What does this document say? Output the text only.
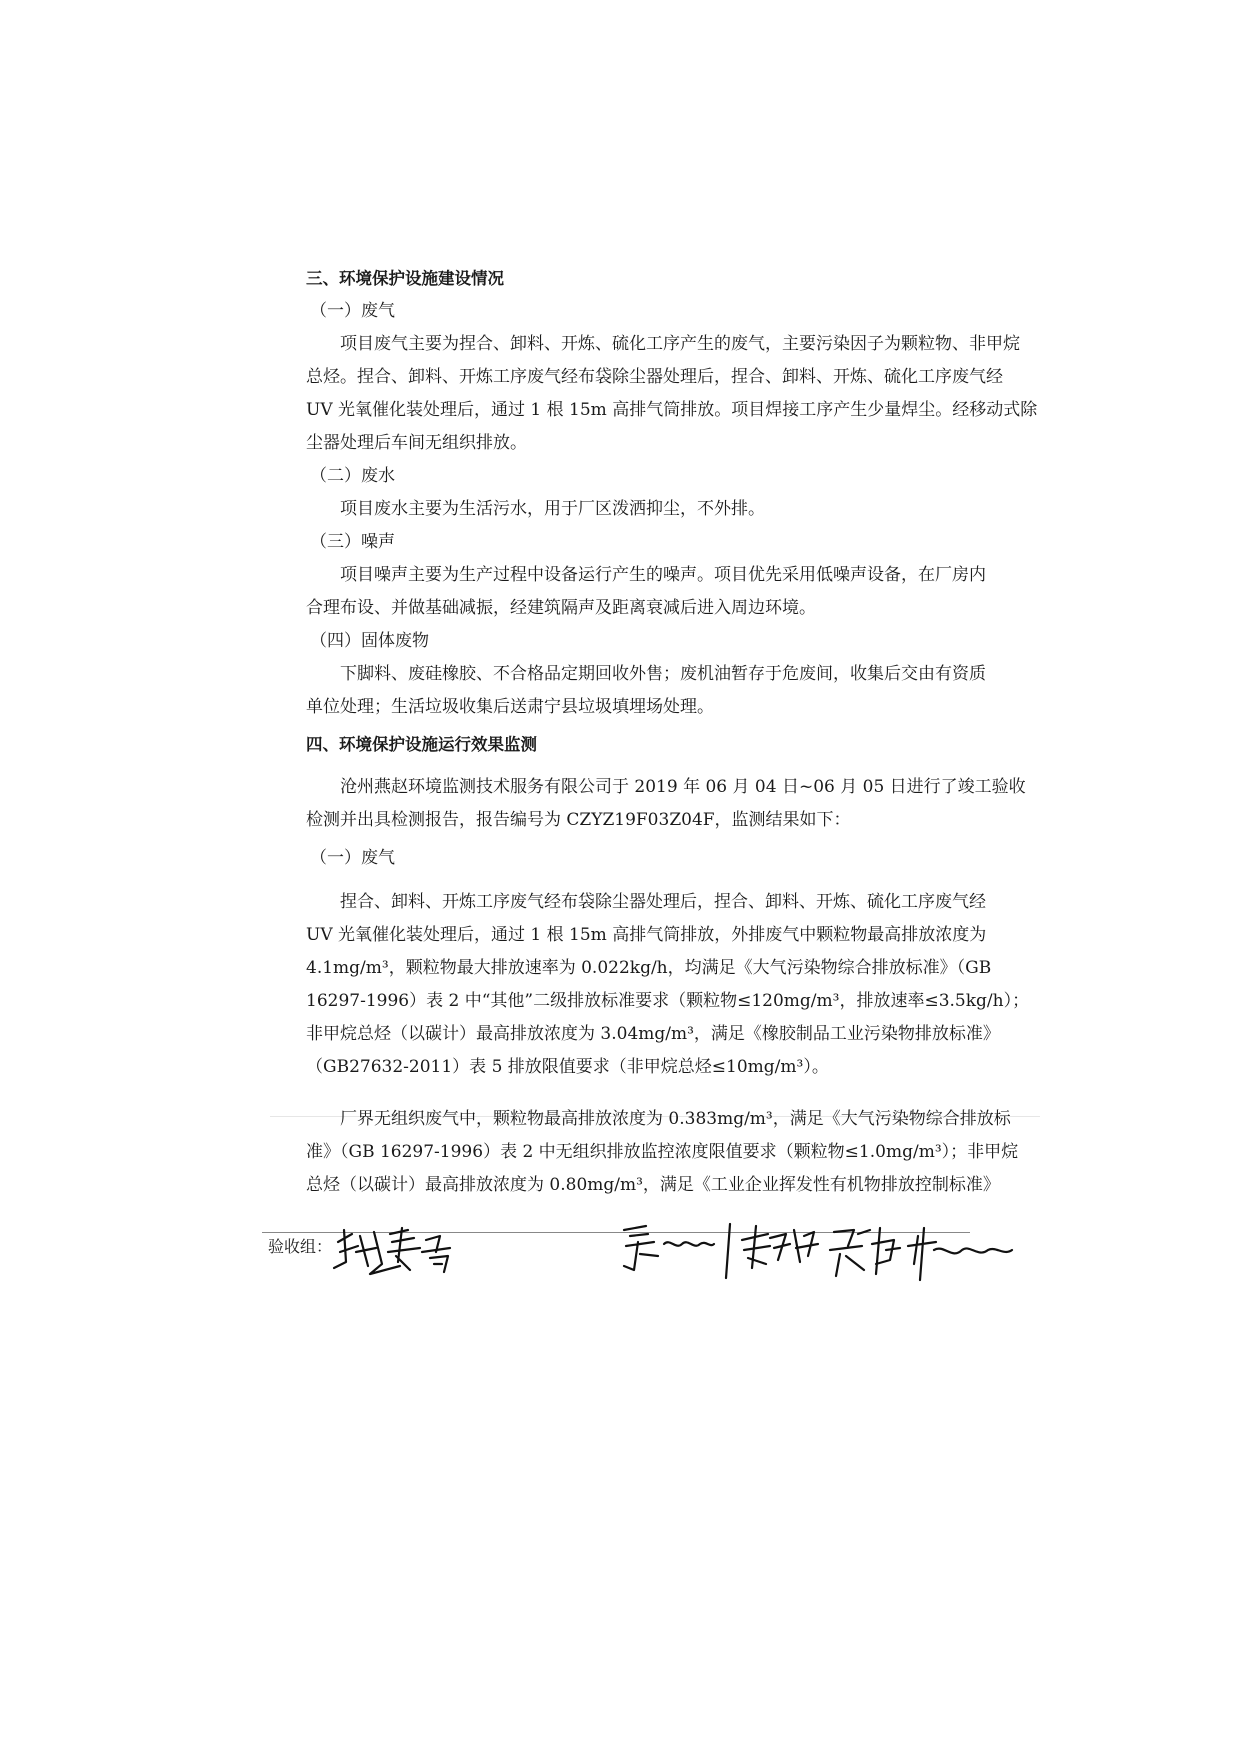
三、环境保护设施建设情况
（一）废气
项目废气主要为捏合、卸料、开炼、硫化工序产生的废气，主要污染因子为颗粒物、非甲烷
总烃。捏合、卸料、开炼工序废气经布袋除尘器处理后，捏合、卸料、开炼、硫化工序废气经
UV 光氧催化装处理后，通过 1 根 15m 高排气筒排放。项目焊接工序产生少量焊尘。经移动式除
尘器处理后车间无组织排放。
（二）废水
项目废水主要为生活污水，用于厂区泼洒抑尘，不外排。
（三）噪声
项目噪声主要为生产过程中设备运行产生的噪声。项目优先采用低噪声设备，在厂房内
合理布设、并做基础减振，经建筑隔声及距离衰减后进入周边环境。
（四）固体废物
下脚料、废硅橡胶、不合格品定期回收外售；废机油暂存于危废间，收集后交由有资质
单位处理；生活垃圾收集后送肃宁县垃圾填埋场处理。
四、环境保护设施运行效果监测
沧州燕赵环境监测技术服务有限公司于 2019 年 06 月 04 日~06 月 05 日进行了竣工验收
检测并出具检测报告，报告编号为 CZYZ19F03Z04F，监测结果如下：
（一）废气
捏合、卸料、开炼工序废气经布袋除尘器处理后，捏合、卸料、开炼、硫化工序废气经
UV 光氧催化装处理后，通过 1 根 15m 高排气筒排放，外排废气中颗粒物最高排放浓度为
4.1mg/m³，颗粒物最大排放速率为 0.022kg/h，均满足《大气污染物综合排放标准》（GB
16297-1996）表 2 中“其他”二级排放标准要求（颗粒物≤120mg/m³，排放速率≤3.5kg/h）；
非甲烷总烃（以碳计）最高排放浓度为 3.04mg/m³，满足《橡胶制品工业污染物排放标准》
（GB27632-2011）表 5 排放限值要求（非甲烷总烃≤10mg/m³）。
厂界无组织废气中，颗粒物最高排放浓度为 0.383mg/m³，满足《大气污染物综合排放标
准》（GB 16297-1996）表 2 中无组织排放监控浓度限值要求（颗粒物≤1.0mg/m³）；非甲烷
总烃（以碳计）最高排放浓度为 0.80mg/m³，满足《工业企业挥发性有机物排放控制标准》
验收组：
